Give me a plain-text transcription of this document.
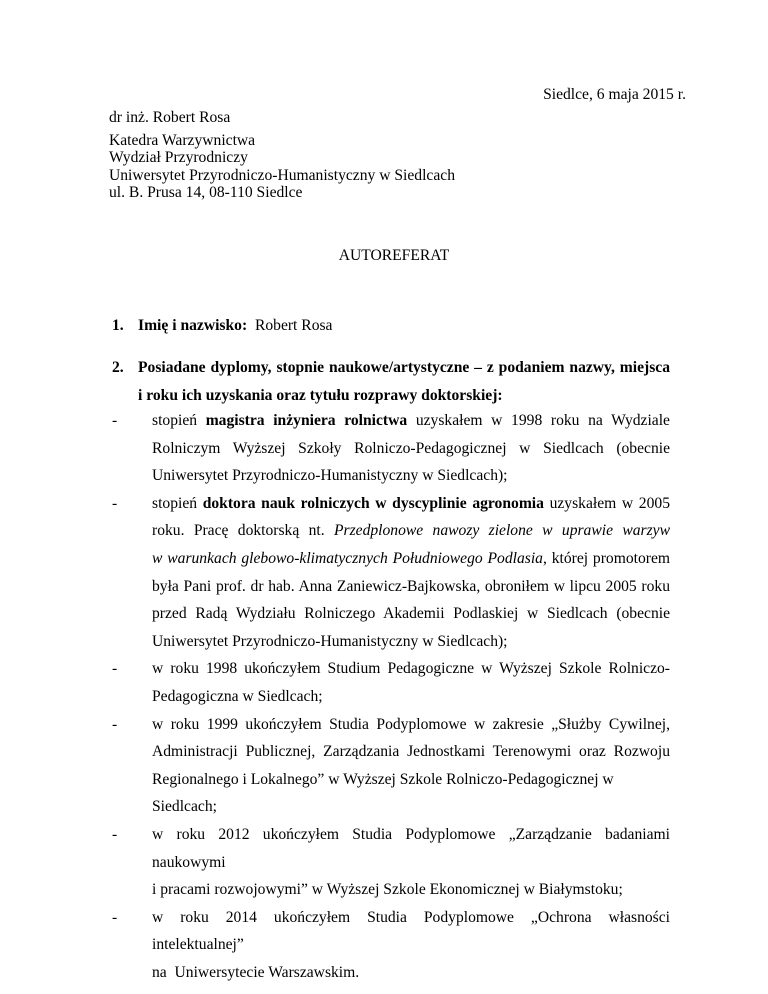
Siedlce, 6 maja 2015 r.
dr inż. Robert Rosa
Katedra Warzywnictwa
Wydział Przyrodniczy
Uniwersytet Przyrodniczo-Humanistyczny w Siedlcach
ul. B. Prusa 14, 08-110 Siedlce
AUTOREFERAT
1. Imię i nazwisko: Robert Rosa
2. Posiadane dyplomy, stopnie naukowe/artystyczne – z podaniem nazwy, miejsca
i roku ich uzyskania oraz tytułu rozprawy doktorskiej:
-	stopień magistra inżyniera rolnictwa uzyskałem w 1998 roku na Wydziale
Rolniczym Wyższej Szkoły Rolniczo-Pedagogicznej w Siedlcach (obecnie
Uniwersytet Przyrodniczo-Humanistyczny w Siedlcach);
-	stopień doktora nauk rolniczych w dyscyplinie agronomia uzyskałem w 2005
roku. Pracę doktorską nt. Przedplonowe nawozy zielone w uprawie warzyw
w warunkach glebowo-klimatycznych Południowego Podlasia, której promotorem
była Pani prof. dr hab. Anna Zaniewicz-Bajkowska, obroniłem w lipcu 2005 roku
przed Radą Wydziału Rolniczego Akademii Podlaskiej w Siedlcach (obecnie
Uniwersytet Przyrodniczo-Humanistyczny w Siedlcach);
-	w roku 1998 ukończyłem Studium Pedagogiczne w Wyższej Szkole Rolniczo-
Pedagogiczna w Siedlcach;
-	w roku 1999 ukończyłem Studia Podyplomowe w zakresie „Służby Cywilnej,
Administracji Publicznej, Zarządzania Jednostkami Terenowymi oraz Rozwoju
Regionalnego i Lokalnego” w Wyższej Szkole Rolniczo-Pedagogicznej w Siedlcach;
-	w roku 2012 ukończyłem Studia Podyplomowe „Zarządzanie badaniami naukowymi
i pracami rozwojowymi” w Wyższej Szkole Ekonomicznej w Białymstoku;
-	w roku 2014 ukończyłem Studia Podyplomowe „Ochrona własności intelektualnej”
na  Uniwersytecie Warszawskim.
